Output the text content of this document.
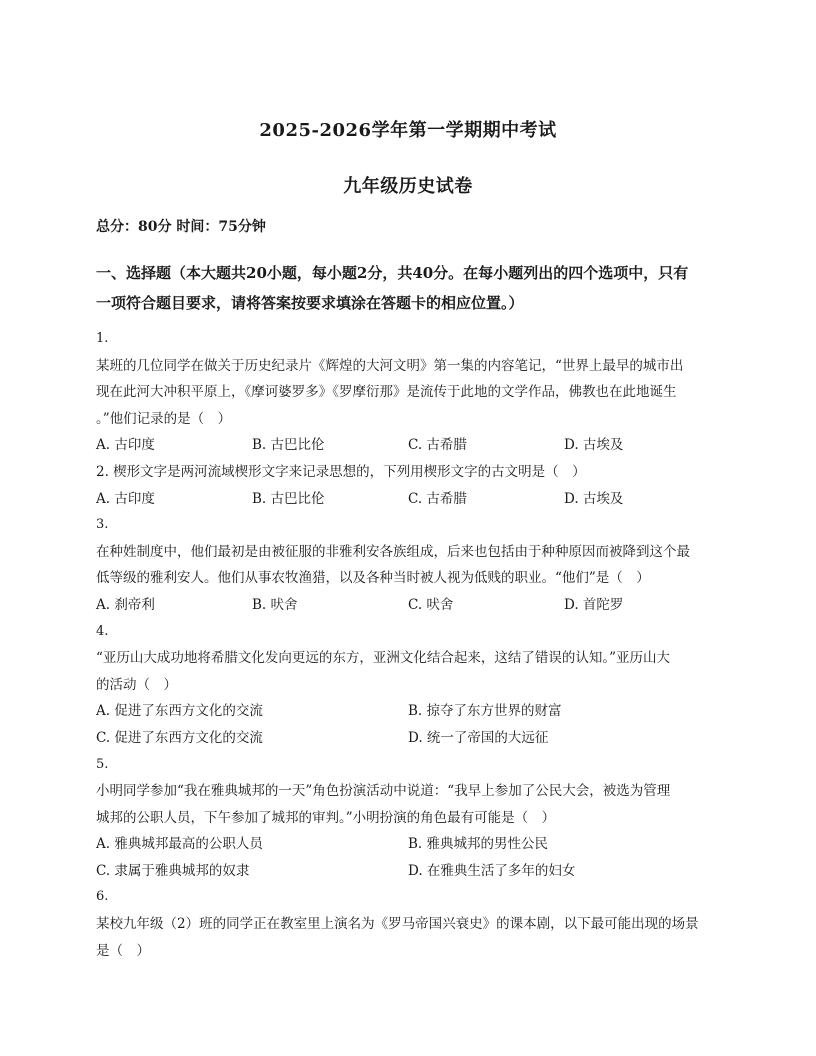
2025-2026学年第一学期期中考试
九年级历史试卷
总分：80分 时间：75分钟
一、选择题（本大题共20小题，每小题2分，共40分。在每小题列出的四个选项中，只有
一项符合题目要求，请将答案按要求填涂在答题卡的相应位置。）
1.
某班的几位同学在做关于历史纪录片《辉煌的大河文明》第一集的内容笔记，“世界上最早的城市出
现在此河大冲积平原上，《摩诃婆罗多》《罗摩衍那》是流传于此地的文学作品，佛教也在此地诞生
。”他们记录的是（　）
A. 古印度	B. 古巴比伦	C. 古希腊	D. 古埃及
2. 楔形文字是两河流域楔形文字来记录思想的，下列用楔形文字的古文明是（　）
A. 古印度	B. 古巴比伦	C. 古希腊	D. 古埃及
3.
在种姓制度中，他们最初是由被征服的非雅利安各族组成，后来也包括由于种种原因而被降到这个最
低等级的雅利安人。他们从事农牧渔猎，以及各种当时被人视为低贱的职业。“他们”是（　）
A. 刹帝利	B. 吠舍	C. 吠舍	D. 首陀罗
4.
“亚历山大成功地将希腊文化发向更远的东方，亚洲文化结合起来，这结了错误的认知。”亚历山大
的活动（　）
A. 促进了东西方文化的交流	B. 掠夺了东方世界的财富
C. 促进了东西方文化的交流	D. 统一了帝国的大远征
5.
小明同学参加“我在雅典城邦的一天”角色扮演活动中说道：“我早上参加了公民大会，被选为管理
城邦的公职人员，下午参加了城邦的审判。”小明扮演的角色最有可能是（　）
A. 雅典城邦最高的公职人员	B. 雅典城邦的男性公民
C. 隶属于雅典城邦的奴隶	D. 在雅典生活了多年的妇女
6.
某校九年级（2）班的同学正在教室里上演名为《罗马帝国兴衰史》的课本剧，以下最可能出现的场景
是（　）
